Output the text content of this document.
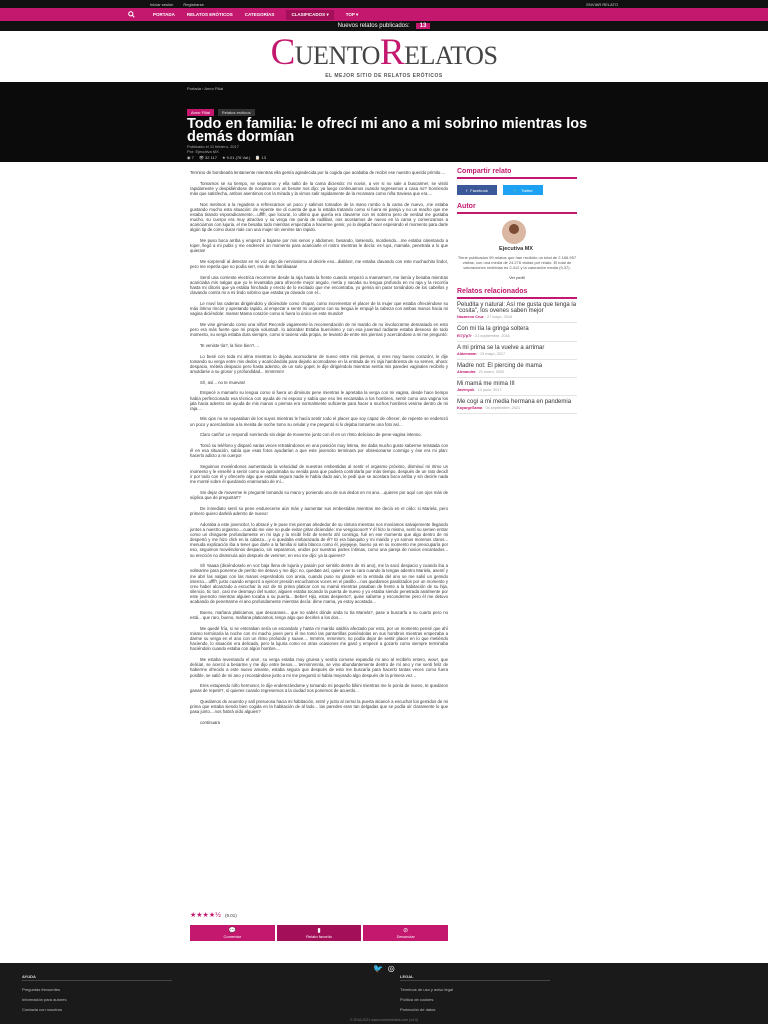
Iniciar sesión	Registrarse	ENVIAR RELATO
PORTADA	RELATOS ERÓTICOS	CATEGORÍAS	CLASIFICADOS ▾	TOP ▾
Nuevos relatos publicados:	13
CUENTORELATOS
EL MEJOR SITIO DE RELATOS ERÓTICOS
Portada › Amor Filial
Amor Filial	Relatos eróticos
Todo en familia: le ofrecí mi ano a mi sobrino mientras los demás dormían
Publicado el 11 febrero, 2017
Por: Ejecutiva MX
◉ 7 👁 32 117 ★ 9.01 (76 Val.) 📋 13

Termino de bombearla lentamente mientras ella gemía agradecida por la cogida que acababa de recibir ese nuestro querido primito....

Tomamos se su tiempo, se separaron y ella saltó de la cama diciendo: mi novio!, a ver si no sale a buscarme!, se vistió rapidamente y despidiéndose de nosotros con un besote nos dijo: ya luego continuamos cuando regresemos a casa no? Sonriendo más que satisfecha, ambos asentimos con la mirada y la vimos salir rapidamente de la recamara como niña traviesa que era....

Nos metimos a la regadera a refrescarnos un poco y salimos tomados de la mano rumbo a la cama de nuevo, ,me estaba gustando mucho esta situación: de repente me di cuenta de que lo estaba tratando como si fuera mi pareja y no un macho que me estaba tirando esporadicamente....uffff!, que locura!, lo ultimo que quería era clavarme con mi sobrino pero de verdad me gustaba mucho, su cuerpo era muy atractivo y su verga me ponía de rodillas!, nos acostamos de nuevo en la cama y comenzamos a acariciarnos con lujuria, el me besaba todo mientras empezaba a hacerme gemir, yo lo dejaba hacer esperando el momento para darle algún tip de como durar más con una mujer sin venirse tan rapido.

Me puso boca arriba y empezó a bajarse por mis senos y abdomen, besando, lamiendo, mordiendo....me estaba calentando a tope!, llegó a mi pubis y me enderezé un momento para acariciarle el rostro mientras le decía: es tuya, mamala, penetrala a lo que quieras!

Me sorprendí al detectar en mi voz algo de nerviosismo al decirle eso...diablos!, me estaba clavando con este muchachito lindo!, pero me repetía que no podía ser!, era de mi familiaaaa!

Sentí una corriente electrica recorrerme desde la raja hasta la frente cuando empezó a mamarme!!, me lamía y besaba mientras acariciaba mis nalgas que yo le levantaba para ofrecerle mejor angulo, metía y sacaba su lengua profundo en mi raja y la recorría hasta mi clitoris que ya estaba hinchado y erecto de lo excitado que me encontraba, yo gemía sin parar tomándolo de los cabellos y clavando contra mi a mi lindo sobrino que estaba ya clavado con el...

Le moví las caderas dirigiéndolo y diciéndole como chupar, como incrementar el placer de la mujer que estaba ofreciéndose su más íntimo rincón y apretando rapido, al empezar a sentir mi orgasmo con su lengua le empujé la cabeza con ambas manos hacia mi vagina diciéndole: mama! Mama corazón como si fuera lo único en este mundo!!

Me vine gimiendo como una niña!! Recordé vagamente la recomendación de mi marido de no involucrarme demasiado en esto pero era más fuerte que mi propia voluntad!, lo adoraba! Estaba buenísimo y con esa juventud radiante estaba deseoso de todo momento, su verga estaba dura siempre, como si tuviera vida propia, se levantó de entre mis piernas y acercándose a mi me preguntó:

Te veniste tía?, la hice bien?....

Lo besé con toda mi alma mientras lo dejaba acomodarse de nuevo entre mis piernas, si eres muy bueno corazón!, le dije tomando su verga entre mis dedos y acariciándola para dejarlo acomodarse en la entrada de mi raja hambrienta de su semen, ahora: despacio, métela despacio pero hasta adentro, de un solo gopel, le dije dirigiéndolo mientras sentía mis paredes vaginales recibirlo y amoldarse a su grosor y profundidad... mmmmm!

Sí!, así... no te muevas!

Empecé a mamarlo su lengua como si fuera un diminuto pene mientras le apretaba la verga con mi vagina, desde hace tiempo había perfeccionado esa técnica con ayuda de mi esposo y sabía que eso les encantaba a los hombres, sentir como una vagina los jala hacia adentro sin ayuda de mis manos o piernas era normalmente suficiente para hacer a muchos hombres venirse dentro de mi raja....

Mis ojos no se separaban de los suyos mientras le hacía sentir todo el placer que soy capaz de ofrecer, de repente se enderezó un poco y acercándose a la mesita de noche tomo su celular y me preguntó si lo dejaba tomarme una foto así...

Claro cariño! Le respondí sonriendo sin dejar de moverme junto con él en un ritmo delicioso de pene-vagina intenso.

Tomó su teléfono y disparó varias veces retratándonos en una posición muy íntima, me daba mucho gusto saberme retratada con él en esa situación, sabía que esas fotos ayudarían a que este jovencito terminara por obsesionarse conmigo y ése era mi plan: hacerlo adicto a mi cuerpo!

Seguimos moviéndonos aumentando la velocidad de nuestras embestidas al sentir el orgasmo próximo, disminuí mi ritmo un momento y le enseñé a sentir como se aproximaba su venida para que pudiera controlarla por más tiempo, después de un rato decidí ir por todo con él y ofrecerle algo que estaba segura nadie le había dado aún, le pedí que se acostara boca arriba y sin decirle nada me monté sobre él quedando enamorado de mí...

Sin dejar de moverme le pregunté tomando su mano y poniendo uno de sus dedos en mi ano....quieres por aquí con ojos más de súplica que de pregunta!!?

De inmediato sentí su pene endurecerse aún más y aumentar sus embestidas mientras me decía en el oído: si Mariela, pero primero quiero darlelá adentro de nuevo!

Adoraba a este jovencito!, lo abracé y le puse mis piernas alrededor de su cintura mientras nos movíamos salvajemente llegando juntos a nuestro orgasmo....cuando me vine no pude evitar gritar diciendole: me vengooooo!!! Y él hizo lo mismo, sentí su semen entrar como un chisguete profundamente en mi raja y la recibí feliz de tenerlo ahí conmigo, fué en ese momento que algo dentro de mi despertó y me hizo click en la cabeza....y si quedaba embarazada de él? Ei era bianquito y mi marido y yo somos morenos claros... menuda explicación iba a tener que darle a la familia si salía blanco como él, jejejejeje, bueno ya en su momento me preocuparía por eso, seguimos moviéndonos despacio, sin separarnos, unidos por nuestras partes íntimas, como una pareja de novios encantados... su erección no disminuía aún después de venirse!, en eso me dijo: ya la quieres?

Sí! Yaaaa (diciéndoselo en voz baja llena de lujuria y pasión por sentirlo dentro de mi ano), me la sacó despacio y cuando iba a voltearme para ponerme de perrito me detuvo y me dijo: no, quedate así, quiero ver tu cara cuando la tengas adentro Mariela, asentí y me abrí las nalgas con las manos esperándolo con ansia, cuando puso su glande en la entrada del ano se me salió un gemido intenso....uffff!, justo cuando empezó a ejercer presión escuchamos voces en el pasillo....nos quedamos paralizados por un momento y creo haber alcanzado a escuchar la voz de mi prima platicar con su mamá mientras pasaban de frente a la habitación de su hija, silencio, tic toc!, casi me desmayo del susto!, alguien estaba tocando la puerta de nuevo y yo estaba siendo penetrada analmente por este jovencito mientras alguien tocaba a su puerta... Bebe!! Hijo, estas despierto?, quise safarme y esconderme pero él me detuvo acabando de penetrarme el ano profundamente mientras decía: dime mama, ya estoy acostado...

Bueno, mañana platicamos, que descanses... que no sabés dónde anda tu tía Mariela?, pase a buscarla a su cuarto pero no está... que raro, bueno, mañana platicamos, tengo algo que decirles a los dos...

Me quedé fría, si se enteraban sería un escandalo y hasta mi marido saldría afectado por esto, por un momento pensé que ahí mismo terminaría la noche con mi macho joven pero él me tomó las pantorrillas poniéndolas en sus hombros mientras empezaba a darme su verga en el ano con un ritmo profundo y suave.... mmmm, mmmmm, no podía dejar de sentir placer en lo que metiéndo haciendo, lo situación era delicada, pero la lujuria como en otras ocasiones me ganó y empecé a gozarlo como siempre terminaba haciéndolo cuando estaba con algún hombre....

Me estaba reventando el ano!, su verga estaba muy gruesa y sentía comose expandía mi ano al recibirlo entero, wow!, que delicia!, se acercó a besarme y me dijo entre besos.... tenninnnnnía, se vino abundantemente dentro de mí ano y me sentí feliz de haberme ofrecido a este nuevo amante, estaba segura que después de esto me buscaría para hacerlo tantas veces como fuera posible, se salió de mi ano y recostándose junto a mi me preguntó si había mejorado algo después de la primera vez...

Eres estupendo niño hermoso!, le dije enderezándome y tomando mi pequeño bikini mientras me lo ponía de nuevo, te quedaron ganas de repetir?, sí quieres cuando regresemos a la ciudad nos ponemos de acuerdo...

Quedamos de acuerdo y salí presurosa hacia mi habitación, entré y justo al cerrar la puerta alcancé a escuchar los gemidos de mi prima que estaba siendo bien cogida en la habitación de al lado... las paredes eran tan delgadas que se podía oír claramente lo que pasa junto....nos habrá oído alguien?

continuara

★★★★½ (9.01)
💬
Comentar
▮
Relato favorito
⊘
Denunciar
Compartir relato
f Facebook	🐦 Twitter
Autor
Ejecutiva MX
Tiene publicados 99 relatos que han recibido un total de 2.166.957 visitas, con una media de 24.276 visitas por relato. El total de valoraciones recibidas es 2.412 y la valoración media (9,37).
Ver perfil
Relatos relacionados
Peludita y natural: Así me gusta que tenga la "cosita", los ovenes saben mejor
Nazareno Cruz · 27 mayo, 2016
Con mi tía la gringa soltera
El7j7p7r · 21 septiembre, 2016
A mi prima se la vuelve a arrimar
Aldemaran · 13 mayo, 2017
Madre not: El piercing de mama
Alexandra · 21 enero, 2020
Mi mamá me mima III
Javimyuk · 14 junio, 2017
Me cogí a mi media hermana en pandemia
KayargeSama · 04 septiembre, 2021
🐦 ◎
AYUDA
Preguntas frecuentes
Información para autores
Contacta con nosotros
LEGAL
Términos de uso y aviso legal
Política de cookies
Protección de datos
© 2016-2021 www.cuentorelatos.com (v4.0)
